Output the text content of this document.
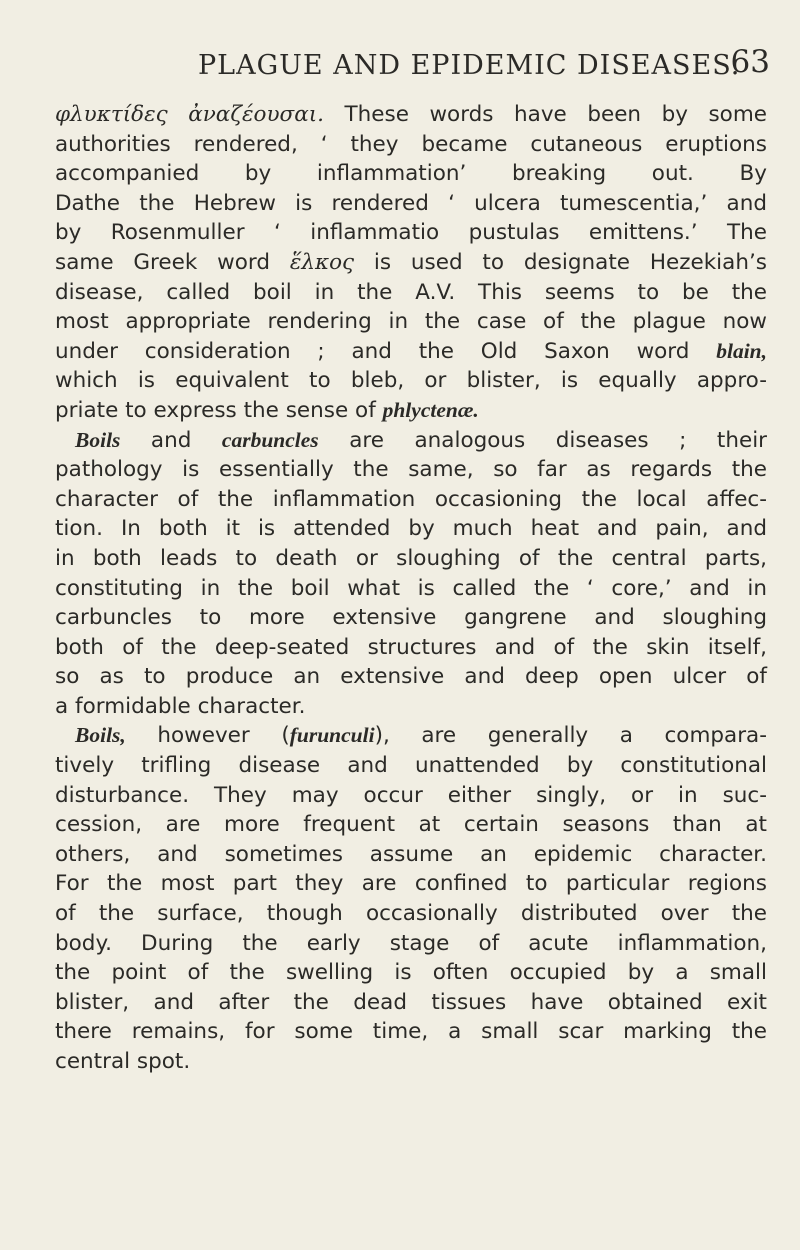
PLAGUE AND EPIDEMIC DISEASES.
63
φλυκτίδες ἀναζέουσαι. These words have been by some
authorities rendered, ‘ they became cutaneous eruptions
accompanied by inflammation’ breaking out. By
Dathe the Hebrew is rendered ‘ ulcera tumescentia,’ and
by Rosenmuller ‘ inflammatio pustulas emittens.’ The
same Greek word ἕλκος is used to designate Hezekiah’s
disease, called boil in the A.V. This seems to be the
most appropriate rendering in the case of the plague now
under consideration ; and the Old Saxon word blain,
which is equivalent to bleb, or blister, is equally appro-
priate to express the sense of phlyctenæ.
Boils and carbuncles are analogous diseases ; their
pathology is essentially the same, so far as regards the
character of the inflammation occasioning the local affec-
tion. In both it is attended by much heat and pain, and
in both leads to death or sloughing of the central parts,
constituting in the boil what is called the ‘ core,’ and in
carbuncles to more extensive gangrene and sloughing
both of the deep-seated structures and of the skin itself,
so as to produce an extensive and deep open ulcer of
a formidable character.
Boils, however (furunculi), are generally a compara-
tively trifling disease and unattended by constitutional
disturbance. They may occur either singly, or in suc-
cession, are more frequent at certain seasons than at
others, and sometimes assume an epidemic character.
For the most part they are confined to particular regions
of the surface, though occasionally distributed over the
body. During the early stage of acute inflammation,
the point of the swelling is often occupied by a small
blister, and after the dead tissues have obtained exit
there remains, for some time, a small scar marking the
central spot.
